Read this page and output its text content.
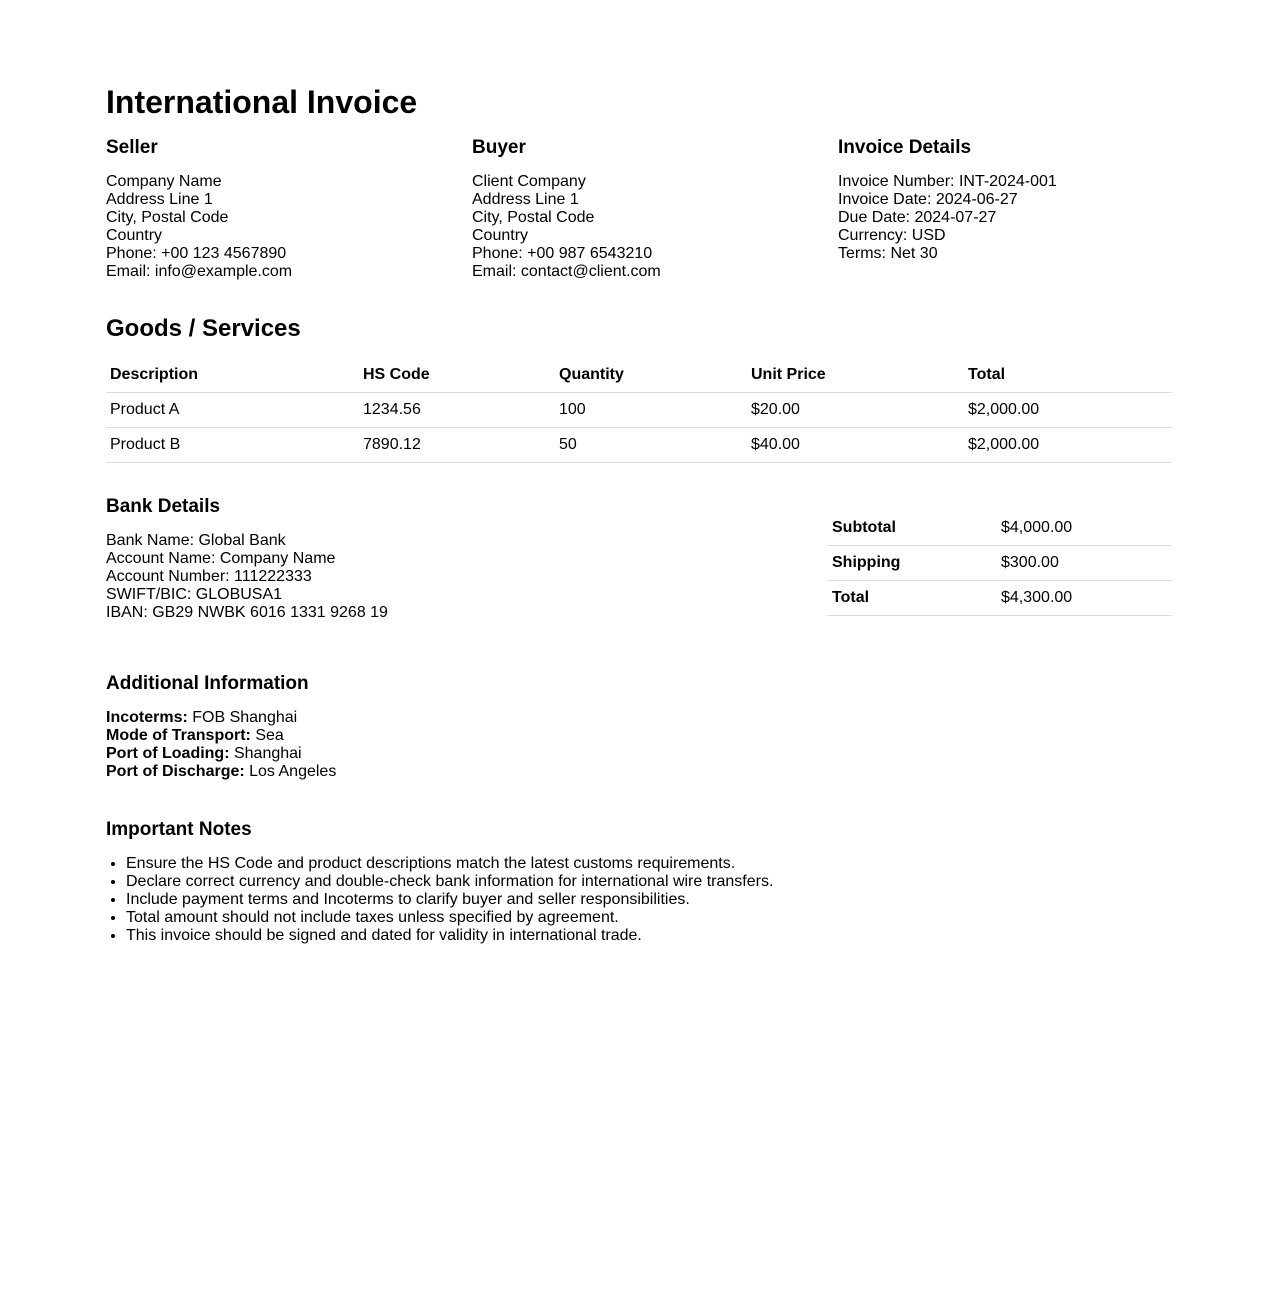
International Invoice
Seller
Company Name
Address Line 1
City, Postal Code
Country
Phone: +00 123 4567890
Email: info@example.com
Buyer
Client Company
Address Line 1
City, Postal Code
Country
Phone: +00 987 6543210
Email: contact@client.com
Invoice Details
Invoice Number: INT-2024-001
Invoice Date: 2024-06-27
Due Date: 2024-07-27
Currency: USD
Terms: Net 30
Goods / Services
Description	HS Code	Quantity	Unit Price	Total
Product A	1234.56	100	$20.00	$2,000.00
Product B	7890.12	50	$40.00	$2,000.00
Bank Details
Bank Name: Global Bank
Account Name: Company Name
Account Number: 111222333
SWIFT/BIC: GLOBUSA1
IBAN: GB29 NWBK 6016 1331 9268 19
Subtotal	$4,000.00
Shipping	$300.00
Total	$4,300.00
Additional Information
Incoterms: FOB Shanghai
Mode of Transport: Sea
Port of Loading: Shanghai
Port of Discharge: Los Angeles
Important Notes
• Ensure the HS Code and product descriptions match the latest customs requirements.
• Declare correct currency and double-check bank information for international wire transfers.
• Include payment terms and Incoterms to clarify buyer and seller responsibilities.
• Total amount should not include taxes unless specified by agreement.
• This invoice should be signed and dated for validity in international trade.
